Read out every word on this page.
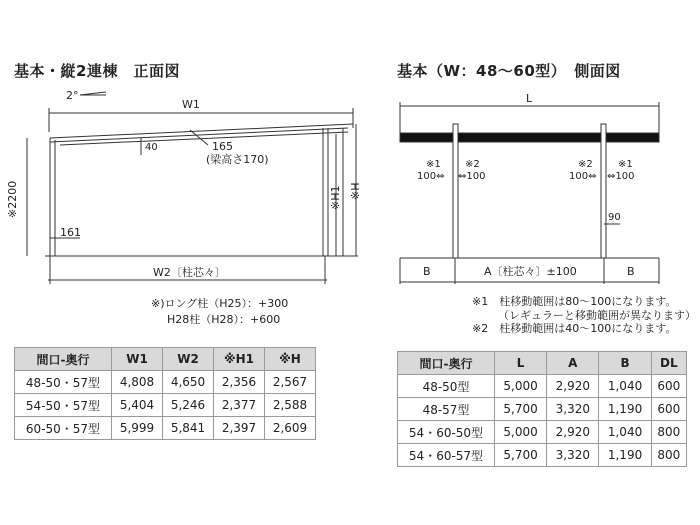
基本・縦2連棟　正面図	基本（W：48～60型）　側面図
2°
W1
40	165
(梁高さ170)
※2200	※H1 ※H
161
W2〔柱芯々〕
L
※1
100⇔
※2
⇔100
※2
100⇔
※1
⇔100
90
B	A〔柱芯々〕±100	B
※)ロング柱（H25）：+300
H28柱（H28）：+600
※1　柱移動範囲は80～100になります。
（レギュラーと移動範囲が異なります）
※2　柱移動範囲は40～100になります。
間口-奥行	W1	W2	※H1	※H
48-50・57型	4,808	4,650	2,356	2,567
54-50・57型	5,404	5,246	2,377	2,588
60-50・57型	5,999	5,841	2,397	2,609
間口-奥行	L	A	B	DL
48-50型	5,000	2,920	1,040	600
48-57型	5,700	3,320	1,190	600
54・60-50型	5,000	2,920	1,040	800
54・60-57型	5,700	3,320	1,190	800
